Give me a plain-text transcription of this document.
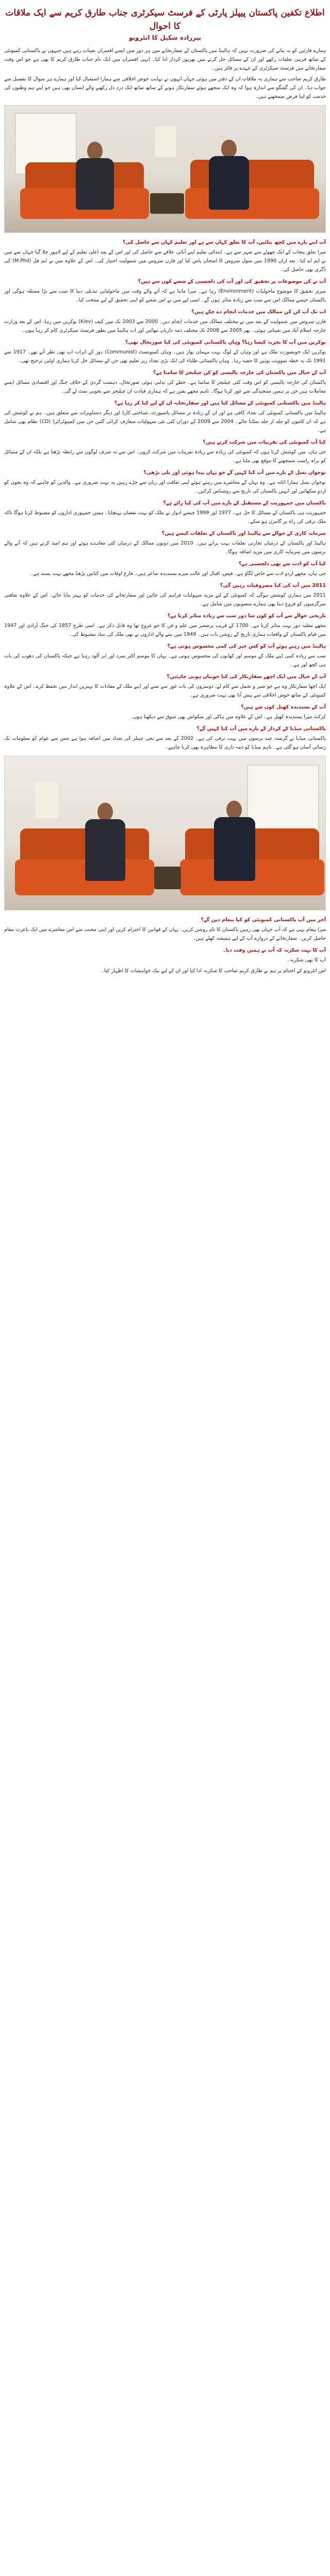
اطلاع تکفین پاکستان پیپلز پارٹی کے فرسٹ سیکرٹری جناب طارق کریم سے ایک ملاقات کا احوال
پیرزادہ شکیل کا انٹرویو

ہمارے قارئین کو یہ بتانے کی ضرورت نہیں کہ ہالینڈ میں پاکستان کے سفارتخانے میں ہر دور میں ایسے افسران تعینات رہے ہیں جنہوں نے پاکستانی کمیونٹی کے ساتھ قریبی تعلقات رکھے اور ان کے مسائل حل کرنے میں بھرپور کردار ادا کیا۔ انہی افسران میں ایک نام جناب طارق کریم کا بھی ہے جو اس وقت سفارتخانے میں فرسٹ سیکرٹری کے عہدے پر فائز ہیں۔

طارق کریم صاحب سے ہماری یہ ملاقات ان کے دفتر میں ہوئی جہاں انہوں نے نہایت خوش اخلاقی سے ہمارا استقبال کیا اور ہمارے ہر سوال کا تفصیل سے جواب دیا۔ ان کی گفتگو سے اندازہ ہوا کہ وہ ایک منجھے ہوئے سفارتکار ہونے کے ساتھ ساتھ ایک درد دل رکھنے والے انسان بھی ہیں جو اپنے ہم وطنوں کی خدمت کو اپنا فرض سمجھتے ہیں۔

آپ اپنے بارے میں کچھ بتائیں، آپ کا تعلق کہاں سے ہے اور تعلیم کہاں سے حاصل کی؟

میرا تعلق پنجاب کے ایک چھوٹے سے شہر سے ہے۔ ابتدائی تعلیم اپنے آبائی علاقے سے حاصل کی اور اس کے بعد اعلیٰ تعلیم کے لیے لاہور چلا گیا جہاں سے میں نے ایم اے کیا۔ بعد ازاں 1990 میں سول سروس کا امتحان پاس کیا اور فارن سروس میں شمولیت اختیار کی۔ اس کے علاوہ میں نے ایم فل (M.Phil) کی ڈگری بھی حاصل کی۔

آپ نے کن موضوعات پر تحقیق کی اور آپ کی دلچسپی کے شعبے کون سے ہیں؟

میری تحقیق کا موضوع ماحولیات (Environment) رہا ہے۔ میرا ماننا ہے کہ آنے والے وقت میں ماحولیاتی تبدیلی دنیا کا سب سے بڑا مسئلہ ہوگی اور پاکستان جیسے ممالک اس سے سب سے زیادہ متاثر ہوں گے۔ اسی لیے میں نے اس شعبے کو اپنی تحقیق کے لیے منتخب کیا۔

اب تک آپ کن کن ممالک میں خدمات انجام دے چکے ہیں؟

فارن سروس میں شمولیت کے بعد میں نے مختلف ممالک میں خدمات انجام دیں۔ 2000 سے 2003 تک میں کیف (Kiev) یوکرین میں رہا، اس کے بعد وزارت خارجہ اسلام آباد میں تعیناتی ہوئی۔ پھر 2005 سے 2008 تک مختلف ذمہ داریاں نبھائیں اور اب ہالینڈ میں بطور فرسٹ سیکرٹری کام کر رہا ہوں۔

یوکرین میں آپ کا تجربہ کیسا رہا؟ وہاں پاکستانی کمیونٹی کی کیا صورتحال تھی؟

یوکرین ایک خوبصورت ملک ہے اور وہاں کے لوگ بہت مہمان نواز ہیں۔ وہاں کمیونسٹ (Communist) دور کے اثرات اب بھی نظر آتے تھے۔ 1917 سے 1991 تک یہ خطہ سوویت یونین کا حصہ رہا۔ وہاں پاکستانی طلباء کی ایک بڑی تعداد زیر تعلیم تھی جن کے مسائل حل کرنا ہماری اولین ترجیح تھی۔

آپ کے خیال میں پاکستان کی خارجہ پالیسی کو کن چیلنجز کا سامنا ہے؟

پاکستان کی خارجہ پالیسی کو اس وقت کئی چیلنجز کا سامنا ہے۔ خطے کی بدلتی ہوئی صورتحال، دہشت گردی کے خلاف جنگ اور اقتصادی مسائل ایسے معاملات ہیں جن پر ہمیں سنجیدگی سے غور کرنا ہوگا۔ تاہم مجھے یقین ہے کہ ہماری قیادت ان چیلنجز سے بخوبی نمٹ لے گی۔

ہالینڈ میں پاکستانی کمیونٹی کے مسائل کیا ہیں اور سفارتخانہ ان کے لیے کیا کر رہا ہے؟

ہالینڈ میں پاکستانی کمیونٹی کی تعداد کافی ہے اور ان کے زیادہ تر مسائل پاسپورٹ، شناختی کارڈ اور دیگر دستاویزات سے متعلق ہیں۔ ہم نے کوشش کی ہے کہ ان کاموں کو جلد از جلد نمٹایا جائے۔ 2004 سے 2009 کے دوران کئی نئی سہولیات متعارف کرائی گئیں جن میں کمپیوٹرائزڈ (CD) نظام بھی شامل ہے۔

کیا آپ کمیونٹی کی تقریبات میں شرکت کرتے ہیں؟

جی ہاں، میں کوشش کرتا ہوں کہ کمیونٹی کی زیادہ سے زیادہ تقریبات میں شرکت کروں۔ اس سے نہ صرف لوگوں سے رابطہ بڑھتا ہے بلکہ ان کے مسائل کو براہ راست سمجھنے کا موقع بھی ملتا ہے۔

نوجوان نسل کے بارے میں آپ کیا کہیں گے جو یہاں پیدا ہوئی اور پلی بڑھی؟

نوجوان نسل ہمارا اثاثہ ہے۔ وہ یہاں کے معاشرے میں رہتے ہوئے اپنی ثقافت اور زبان سے جڑے رہیں یہ بہت ضروری ہے۔ والدین کو چاہیے کہ وہ بچوں کو اردو سکھائیں اور انہیں پاکستان کی تاریخ سے روشناس کرائیں۔

پاکستان میں جمہوریت کے مستقبل کے بارے میں آپ کی کیا رائے ہے؟

جمہوریت ہی پاکستان کے مسائل کا حل ہے۔ 1977 اور 1999 جیسے ادوار نے ملک کو بہت نقصان پہنچایا۔ ہمیں جمہوری اداروں کو مضبوط کرنا ہوگا تاکہ ملک ترقی کی راہ پر گامزن ہو سکے۔

سرمایہ کاری کے حوالے سے ہالینڈ اور پاکستان کے تعلقات کیسے ہیں؟

ہالینڈ اور پاکستان کے درمیان تجارتی تعلقات بہت پرانے ہیں۔ 2010 میں دونوں ممالک کے درمیان کئی معاہدے ہوئے اور ہم امید کرتے ہیں کہ آنے والے برسوں میں سرمایہ کاری میں مزید اضافہ ہوگا۔

کیا آپ کو ادب سے بھی دلچسپی ہے؟

جی ہاں، مجھے اردو ادب سے خاص لگاؤ ہے۔ فیض، اقبال اور غالب میرے پسندیدہ شاعر ہیں۔ فارغ اوقات میں کتابیں پڑھنا مجھے بہت پسند ہے۔

2011 میں آپ کی کیا مصروفیات رہیں گی؟

2011 میں ہماری کوشش ہوگی کہ کمیونٹی کے لیے مزید سہولیات فراہم کی جائیں اور سفارتخانے کی خدمات کو بہتر بنایا جائے۔ اس کے علاوہ ثقافتی سرگرمیوں کو فروغ دینا بھی ہمارے منصوبوں میں شامل ہے۔

تاریخی حوالے سے آپ کو کون سا دور سب سے زیادہ متاثر کرتا ہے؟

مجھے مغلیہ دور بہت متاثر کرتا ہے۔ 1700 کے قریب برصغیر میں علم و فن کا جو عروج تھا وہ قابل ذکر ہے۔ اسی طرح 1857 کی جنگ آزادی اور 1947 میں قیام پاکستان کے واقعات ہماری تاریخ کے روشن باب ہیں۔ 1949 میں بننے والے اداروں نے بھی ملک کی بنیاد مضبوط کی۔

ہالینڈ میں رہتے ہوئے آپ کو کس چیز کی کمی محسوس ہوتی ہے؟

سب سے زیادہ کمی اپنے ملک کے موسم اور کھانوں کی محسوس ہوتی ہے۔ یہاں کا موسم اکثر سرد اور ابر آلود رہتا ہے جبکہ پاکستان کی دھوپ کی بات ہی کچھ اور ہے۔

آپ کے خیال میں ایک اچھے سفارتکار کی کیا خوبیاں ہونی چاہئیں؟

ایک اچھا سفارتکار وہ ہے جو صبر و تحمل سے کام لے، دوسروں کی بات غور سے سنے اور اپنے ملک کے مفادات کا بہترین انداز میں تحفظ کرے۔ اس کے علاوہ کمیونٹی کے ساتھ خوش اخلاقی سے پیش آنا بھی بہت ضروری ہے۔

آپ کے پسندیدہ کھیل کون سے ہیں؟

کرکٹ میرا پسندیدہ کھیل ہے۔ اس کے علاوہ میں ہاکی اور سکواش بھی شوق سے دیکھتا ہوں۔

پاکستانی میڈیا کے کردار کے بارے میں آپ کیا کہیں گے؟

پاکستانی میڈیا نے گزشتہ چند برسوں میں بہت ترقی کی ہے۔ 2002 کے بعد سے نجی چینلز کی تعداد میں اضافہ ہوا ہے جس سے عوام کو معلومات تک رسائی آسان ہو گئی ہے۔ تاہم میڈیا کو ذمہ داری کا مظاہرہ بھی کرنا چاہیے۔

آخر میں آپ پاکستانی کمیونٹی کو کیا پیغام دیں گے؟

میرا پیغام یہی ہے کہ آپ جہاں بھی رہیں پاکستان کا نام روشن کریں۔ یہاں کے قوانین کا احترام کریں اور اپنی محنت سے اس معاشرے میں ایک باعزت مقام حاصل کریں۔ سفارتخانے کے دروازے آپ کے لیے ہمیشہ کھلے ہیں۔

آپ کا بہت شکریہ کہ آپ نے ہمیں وقت دیا۔

آپ کا بھی شکریہ۔

اس انٹرویو کے اختتام پر ہم نے طارق کریم صاحب کا شکریہ ادا کیا اور ان کے لیے نیک خواہشات کا اظہار کیا۔
